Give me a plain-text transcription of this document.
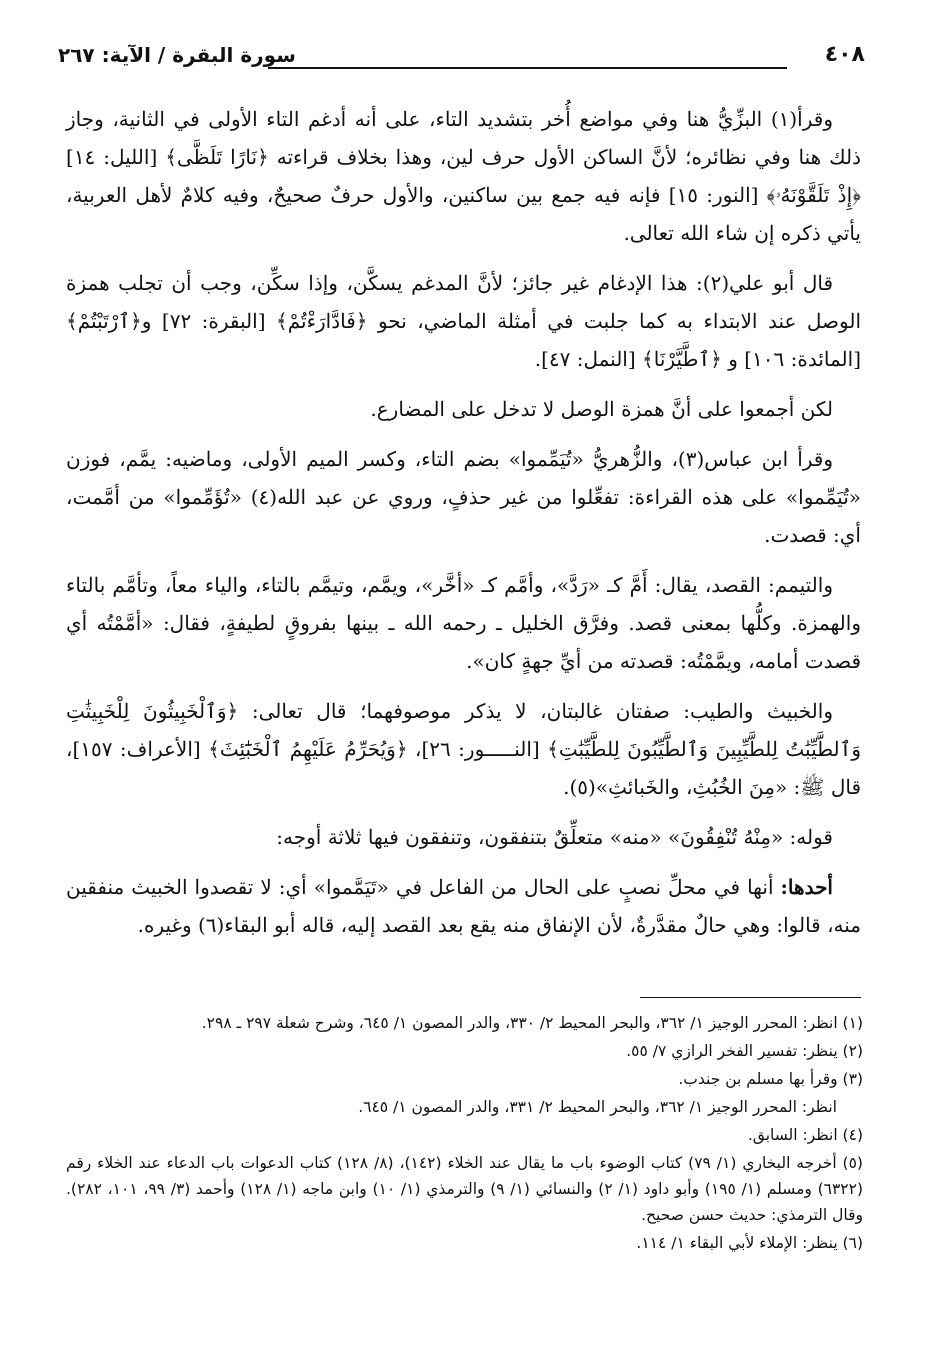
٤٠٨
سورة البقرة / الآية: ٢٦٧

وقرأ(١) البزِّيُّ هنا وفي مواضع أُخر بتشديد التاء، على أنه أدغم التاء الأولى في الثانية، وجاز ذلك هنا وفي نظائره؛ لأنَّ الساكن الأول حرف لين، وهذا بخلاف قراءته ﴿نَارًا تَلَظَّى﴾ [الليل: ١٤] ﴿إِذْ تَلَقَّوْنَهُۥ﴾ [النور: ١٥] فإنه فيه جمع بين ساكنين، والأول حرفٌ صحيحٌ، وفيه كلامٌ لأهل العربية، يأتي ذكره إن شاء الله تعالى.

قال أبو علي(٢): هذا الإدغام غير جائز؛ لأنَّ المدغم يسكَّن، وإذا سكِّن، وجب أن تجلب همزة الوصل عند الابتداء به كما جلبت في أمثلة الماضي، نحو ﴿فَادَّارَءْتُمْ﴾ [البقرة: ٧٢] و﴿ٱرْتَبْتُمْ﴾ [المائدة: ١٠٦] و ﴿ٱطَّيَّرْنَا﴾ [النمل: ٤٧].

لكن أجمعوا على أنَّ همزة الوصل لا تدخل على المضارع.

وقرأ ابن عباس(٣)، والزُّهريُّ «تُيَمِّموا» بضم التاء، وكسر الميم الأولى، وماضيه: يمَّم، فوزن «تُيَمِّموا» على هذه القراءة: تفعِّلوا من غير حذفٍ، وروي عن عبد الله(٤) «تُؤَمِّموا» من أمَّمت، أي: قصدت.

والتيمم: القصد، يقال: أَمَّ كـ «رَدَّ»، وأمَّم كـ «أخَّر»، ويمَّم، وتيمَّم بالتاء، والياء معاً، وتأمَّم بالتاء والهمزة. وكلُّها بمعنى قصد. وفرَّق الخليل ـ رحمه الله ـ بينها بفروقٍ لطيفةٍ، فقال: «أمَّمْتُه أي قصدت أمامه، ويمَّمْتُه: قصدته من أيِّ جهةٍ كان».

والخبيث والطيب: صفتان غالبتان، لا يذكر موصوفهما؛ قال تعالى: ﴿وَٱلْخَبِيثُونَ لِلْخَبِيثَٰتِ وَٱلطَّيِّبَٰتُ لِلطَّيِّبِينَ وَٱلطَّيِّبُونَ لِلطَّيِّبَٰتِ﴾ [النـــــور: ٢٦]، ﴿وَيُحَرِّمُ عَلَيْهِمُ ٱلْخَبَٰٓئِثَ﴾ [الأعراف: ١٥٧]، قال ﷺ: «مِنَ الخُبُثِ، والخَبائثِ»(٥).

قوله: «مِنْهُ تُنْفِقُونَ» «منه» متعلِّقٌ بتنفقون، وتنفقون فيها ثلاثة أوجه:

أحدها: أنها في محلِّ نصبٍ على الحال من الفاعل في «تَيَمَّموا» أي: لا تقصدوا الخبيث منفقين منه، قالوا: وهي حالٌ مقدَّرةٌ، لأن الإنفاق منه يقع بعد القصد إليه، قاله أبو البقاء(٦) وغيره.

(١) انظر: المحرر الوجيز ١/ ٣٦٢، والبحر المحيط ٢/ ٣٣٠، والدر المصون ١/ ٦٤٥، وشرح شعلة ٢٩٧ ـ ٢٩٨.

(٢) ينظر: تفسير الفخر الرازي ٧/ ٥٥.

(٣) وقرأ بها مسلم بن جندب.

انظر: المحرر الوجيز ١/ ٣٦٢، والبحر المحيط ٢/ ٣٣١، والدر المصون ١/ ٦٤٥.

(٤) انظر: السابق.

(٥) أخرجه البخاري (١/ ٧٩) كتاب الوضوء باب ما يقال عند الخلاء (١٤٢)، (٨/ ١٢٨) كتاب الدعوات باب الدعاء عند الخلاء رقم (٦٣٢٢) ومسلم (١/ ١٩٥) وأبو داود (١/ ٢) والنسائي (١/ ٩) والترمذي (١/ ١٠) وابن ماجه (١/ ١٢٨) وأحمد (٣/ ٩٩، ١٠١، ٢٨٢). وقال الترمذي: حديث حسن صحيح.

(٦) ينظر: الإملاء لأبي البقاء ١/ ١١٤.
